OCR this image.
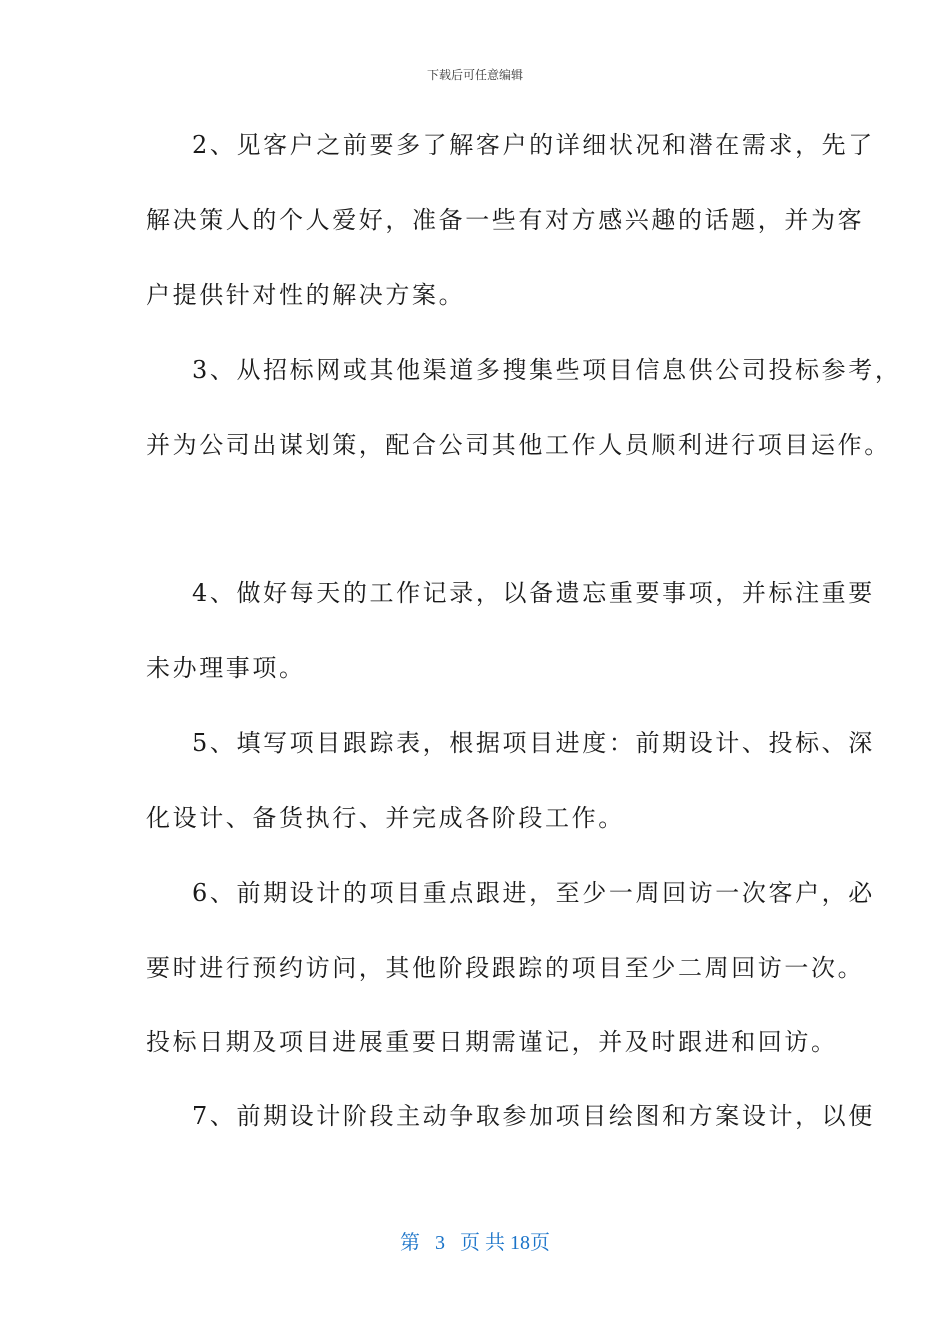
下载后可任意编辑
2、见客户之前要多了解客户的详细状况和潜在需求，先了
解决策人的个人爱好，准备一些有对方感兴趣的话题，并为客
户提供针对性的解决方案。
3、从招标网或其他渠道多搜集些项目信息供公司投标参考，
并为公司出谋划策，配合公司其他工作人员顺利进行项目运作。
4、做好每天的工作记录，以备遗忘重要事项，并标注重要
未办理事项。
5、填写项目跟踪表，根据项目进度：前期设计、投标、深
化设计、备货执行、并完成各阶段工作。
6、前期设计的项目重点跟进，至少一周回访一次客户，必
要时进行预约访问，其他阶段跟踪的项目至少二周回访一次。
投标日期及项目进展重要日期需谨记，并及时跟进和回访。
7、前期设计阶段主动争取参加项目绘图和方案设计，以便
第 3 页 共 18页
